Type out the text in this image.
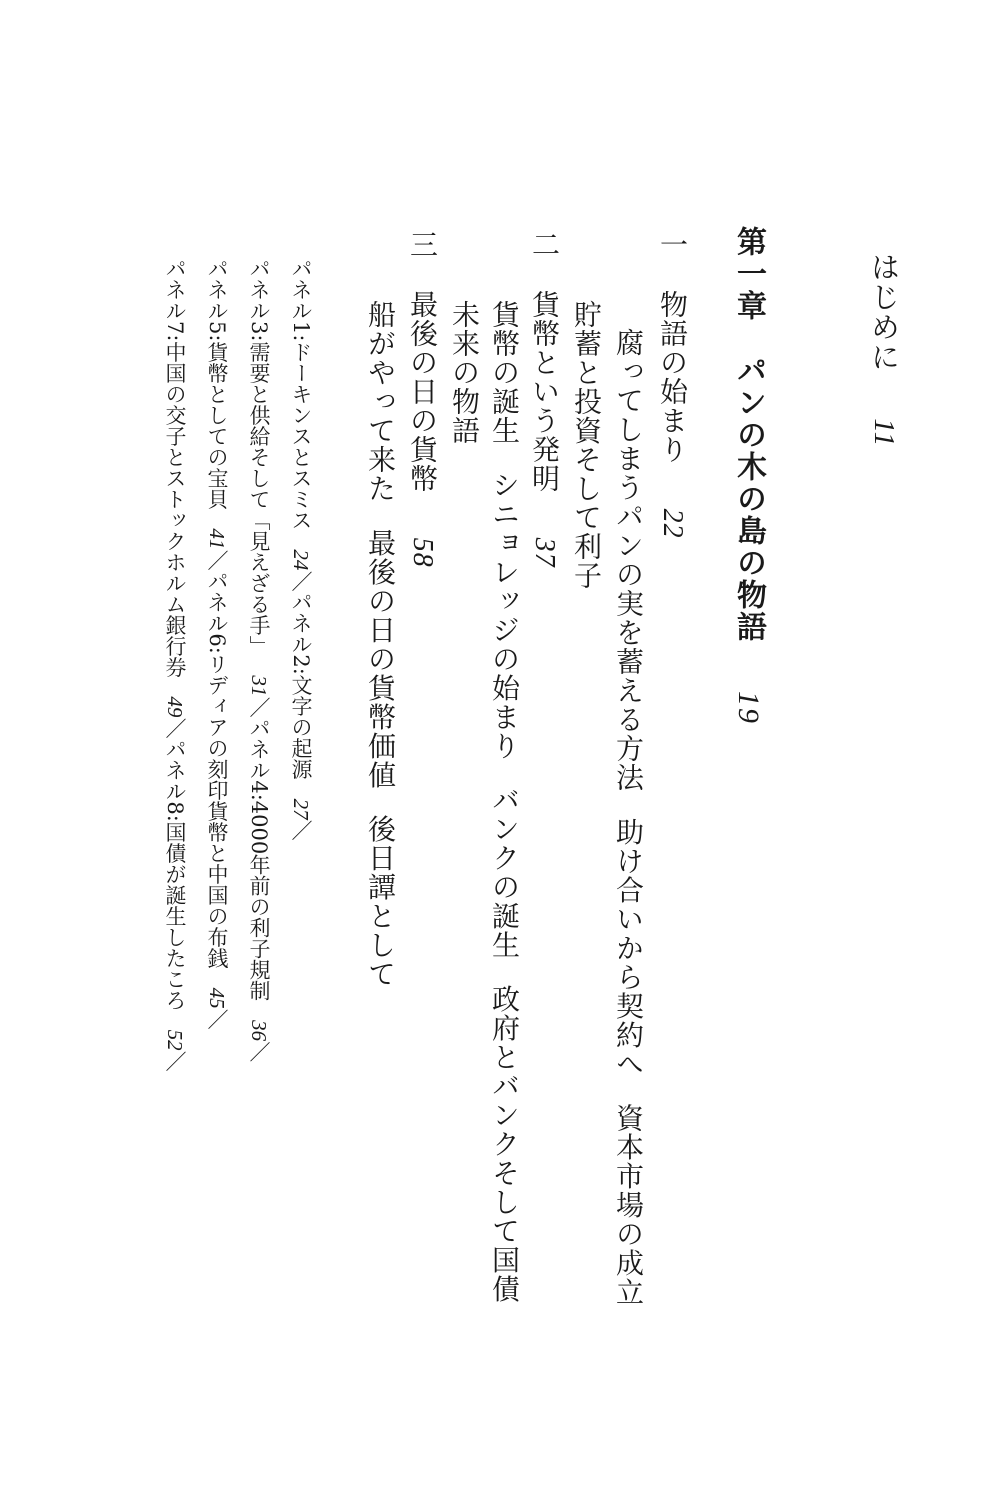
はじめに11
第一章パンの木の島の物語19
一物語の始まり22
腐ってしまうパンの実を蓄える方法助け合いから契約へ資本市場の成立
貯蓄と投資そして利子
二貨幣という発明37
貨幣の誕生シニョレッジの始まりバンクの誕生政府とバンクそして国債
未来の物語
三最後の日の貨幣58
船がやって来た最後の日の貨幣価値後日譚として
パネル1:ドーキンスとスミス24／パネル2:文字の起源27／
パネル3:需要と供給そして「見えざる手」31／パネル4:4000年前の利子規制36／
パネル5:貨幣としての宝貝41／パネル6:リディアの刻印貨幣と中国の布銭45／
パネル7:中国の交子とストックホルム銀行券49／パネル8:国債が誕生したころ52／
